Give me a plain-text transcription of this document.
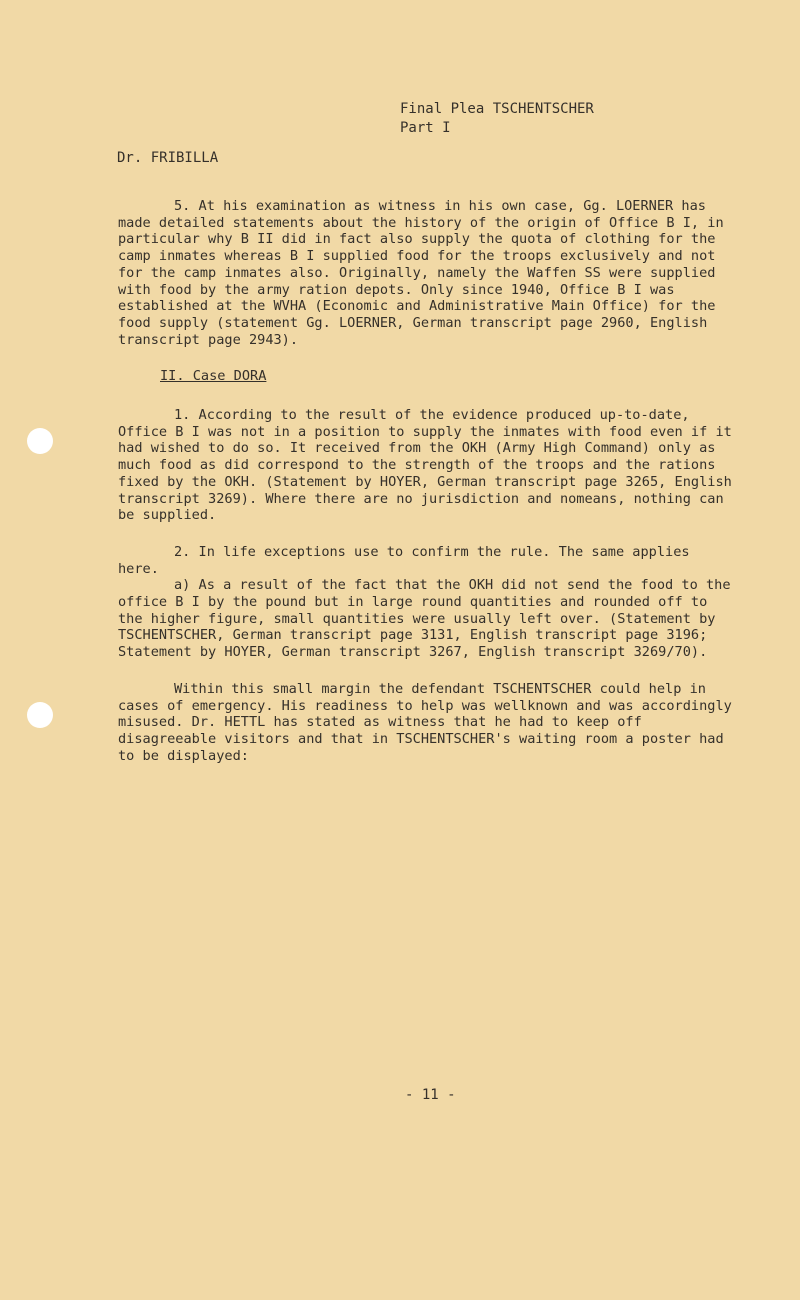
Final Plea TSCHENTSCHER
Part I
Dr. FRIBILLA

5. At his examination as witness in his own case, Gg. LOERNER has made detailed statements about the history of the origin of Office B I, in particular why B II did in fact also supply the quota of clothing for the camp inmates whereas B I supplied food for the troops exclusively and not for the camp inmates also. Originally, namely the Waffen SS were supplied with food by the army ration depots. Only since 1940, Office B I was established at the WVHA (Economic and Administrative Main Office) for the food supply (statement Gg. LOERNER, German transcript page 2960, English transcript page 2943).

II. Case DORA

1. According to the result of the evidence produced up-to-date, Office B I was not in a position to supply the inmates with food even if it had wished to do so. It received from the OKH (Army High Command) only as much food as did correspond to the strength of the troops and the rations fixed by the OKH. (Statement by HOYER, German transcript page 3265, English transcript 3269). Where there are no jurisdiction and nomeans, nothing can be supplied.

2. In life exceptions use to confirm the rule. The same applies here.

a) As a result of the fact that the OKH did not send the food to the office B I by the pound but in large round quantities and rounded off to the higher figure, small quantities were usually left over. (Statement by TSCHENTSCHER, German transcript page 3131, English transcript page 3196; Statement by HOYER, German transcript 3267, English transcript 3269/70).

Within this small margin the defendant TSCHENTSCHER could help in cases of emergency. His readiness to help was wellknown and was accordingly misused. Dr. HETTL has stated as witness that he had to keep off disagreeable visitors and that in TSCHENTSCHER's waiting room a poster had to be displayed:

- 11 -
